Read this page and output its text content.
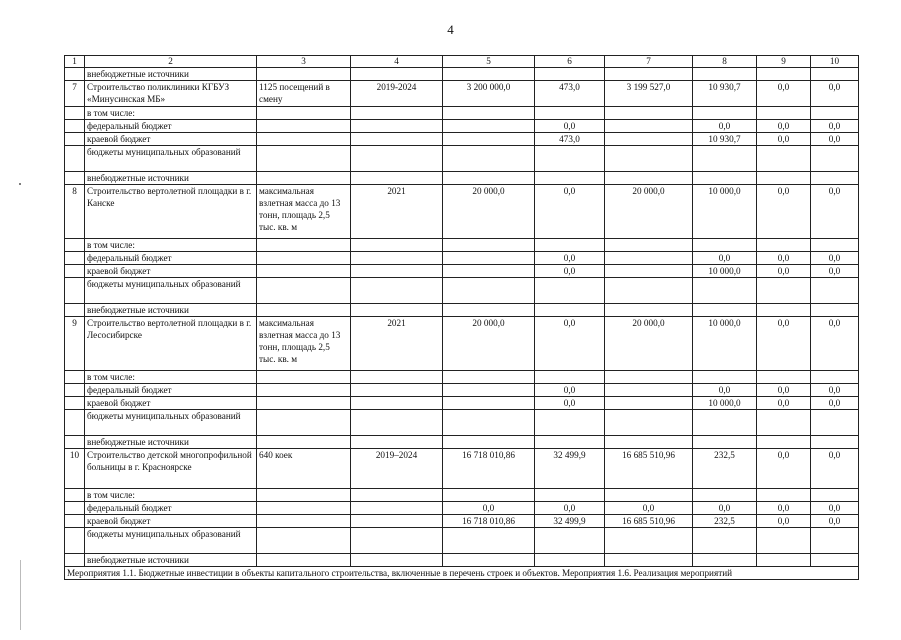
4
1	2	3	4	5	6	7	8	9	10
	внебюджетные источники								
7	Строительство поликлиники КГБУЗ «Минусинская МБ»	1125 посещений в смену	2019-2024	3 200 000,0	473,0	3 199 527,0	10 930,7	0,0	0,0
	в том числе:								
	федеральный бюджет				0,0		0,0	0,0	0,0
	краевой бюджет				473,0		10 930,7	0,0	0,0
	бюджеты муниципальных образований								
	внебюджетные источники								
8	Строительство вертолетной площадки в г. Канске	максимальная взлетная масса до 13 тонн, площадь 2,5 тыс. кв. м	2021	20 000,0	0,0	20 000,0	10 000,0	0,0	0,0
	в том числе:								
	федеральный бюджет				0,0		0,0	0,0	0,0
	краевой бюджет				0,0		10 000,0	0,0	0,0
	бюджеты муниципальных образований								
	внебюджетные источники								
9	Строительство вертолетной площадки в г. Лесосибирске	максимальная взлетная масса до 13 тонн, площадь 2,5 тыс. кв. м	2021	20 000,0	0,0	20 000,0	10 000,0	0,0	0,0
	в том числе:								
	федеральный бюджет				0,0		0,0	0,0	0,0
	краевой бюджет				0,0		10 000,0	0,0	0,0
	бюджеты муниципальных образований								
	внебюджетные источники								
10	Строительство детской многопрофильной больницы в г. Красноярске	640 коек	2019–2024	16 718 010,86	32 499,9	16 685 510,96	232,5	0,0	0,0
	в том числе:								
	федеральный бюджет			0,0	0,0	0,0	0,0	0,0	0,0
	краевой бюджет			16 718 010,86	32 499,9	16 685 510,96	232,5	0,0	0,0
	бюджеты муниципальных образований								
	внебюджетные источники								
Мероприятия 1.1. Бюджетные инвестиции в объекты капитального строительства, включенные в перечень строек и объектов. Мероприятия 1.6. Реализация мероприятий									
